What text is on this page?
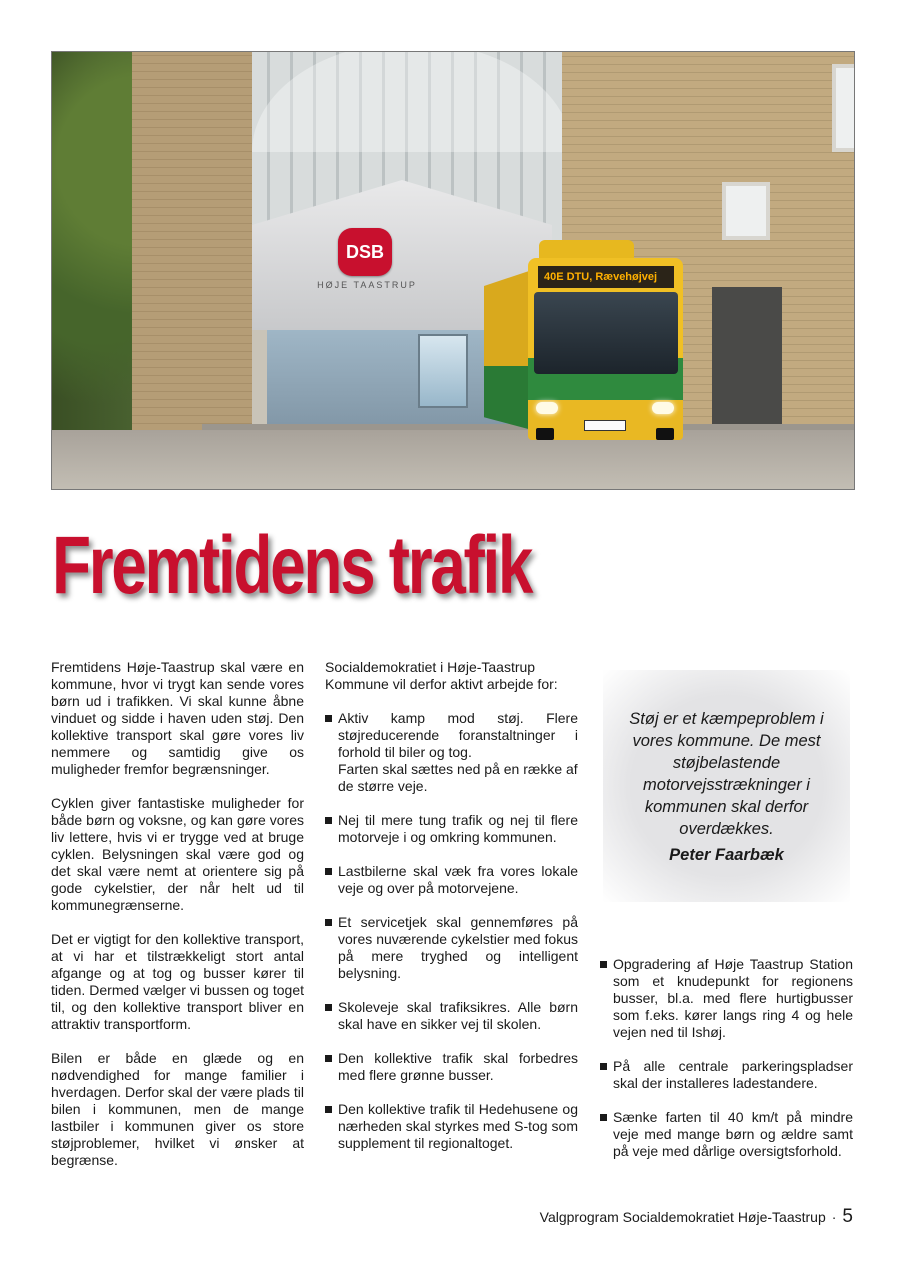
DSB
HØJE TAASTRUP
40E DTU, Rævehøjvej
Fremtidens trafik

Fremtidens Høje-Taastrup skal være en kommune, hvor vi trygt kan sende vores børn ud i trafikken. Vi skal kunne åbne vinduet og sidde i haven uden støj. Den kollektive transport skal gøre vores liv nemmere og samtidig give os muligheder fremfor begrænsninger.

Cyklen giver fantastiske muligheder for både børn og voksne, og kan gøre vores liv lettere, hvis vi er trygge ved at bruge cyklen. Belysningen skal være god og det skal være nemt at orientere sig på gode cykelstier, der når helt ud til kommunegrænserne.

Det er vigtigt for den kollektive transport, at vi har et tilstrækkeligt stort antal afgange og at tog og busser kører til tiden. Dermed vælger vi bussen og toget til, og den kollektive transport bliver en attraktiv transportform.

Bilen er både en glæde og en nødvendighed for mange familier i hverdagen. Derfor skal der være plads til bilen i kommunen, men de mange lastbiler i kommunen giver os store støjproblemer, hvilket vi ønsker at begrænse.

Socialdemokratiet i Høje-Taastrup Kommune vil derfor aktivt arbejde for:

Aktiv kamp mod støj. Flere støjreducerende foranstaltninger i forhold til biler og tog.
Farten skal sættes ned på en række af de større veje.
Nej til mere tung trafik og nej til flere motorveje i og omkring kommunen.
Lastbilerne skal væk fra vores lokale veje og over på motorvejene.
Et servicetjek skal gennemføres på vores nuværende cykelstier med fokus på mere tryghed og intelligent belysning.
Skoleveje skal trafiksikres. Alle børn skal have en sikker vej til skolen.
Den kollektive trafik skal forbedres med flere grønne busser.
Den kollektive trafik til Hedehusene og nærheden skal styrkes med S-tog som supplement til regionaltoget.

Støj er et kæmpeproblem i vores kommune. De mest støjbelastende motorvejsstrækninger i kommunen skal derfor overdækkes.

Peter Faarbæk
Opgradering af Høje Taastrup Station som et knudepunkt for regionens busser, bl.a. med flere hurtigbusser som f.eks. kører langs ring 4 og hele vejen ned til Ishøj.
På alle centrale parkeringspladser skal der installeres ladestandere.
Sænke farten til 40 km/t på mindre veje med mange børn og ældre samt på veje med dårlige oversigtsforhold.
Valgprogram Socialdemokratiet Høje-Taastrup · 5
